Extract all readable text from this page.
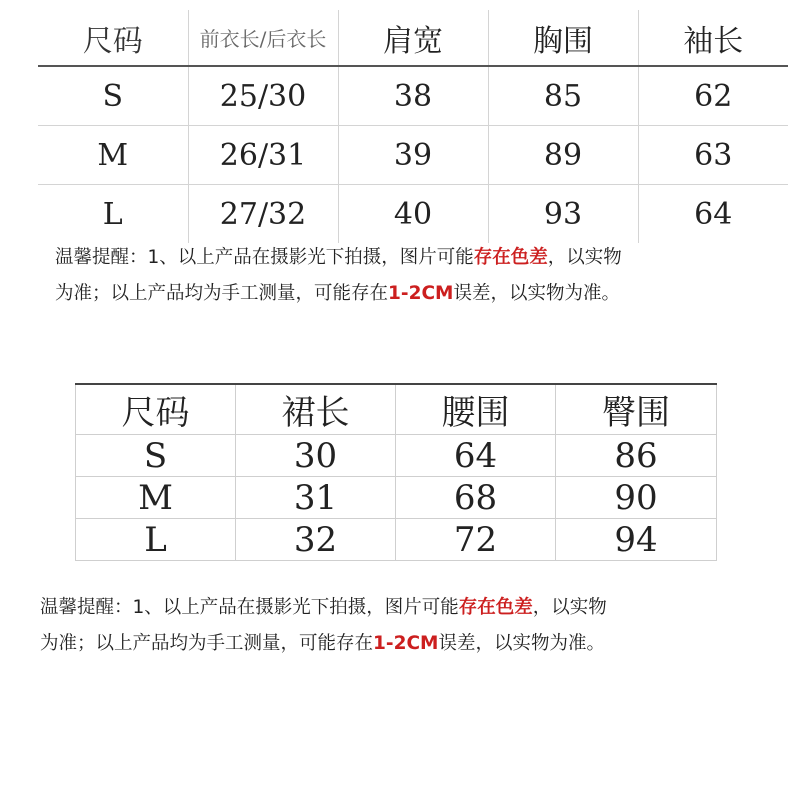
尺码	前衣长/后衣长	肩宽	胸围	袖长
S	25/30	38	85	62
M	26/31	39	89	63
L	27/32	40	93	64
温馨提醒：1、以上产品在摄影光下拍摄，图片可能存在色差，以实物
为准；以上产品均为手工测量，可能存在1-2CM误差，以实物为准。
尺码	裙长	腰围	臀围
S	30	64	86
M	31	68	90
L	32	72	94
温馨提醒：1、以上产品在摄影光下拍摄，图片可能存在色差，以实物
为准；以上产品均为手工测量，可能存在1-2CM误差，以实物为准。
